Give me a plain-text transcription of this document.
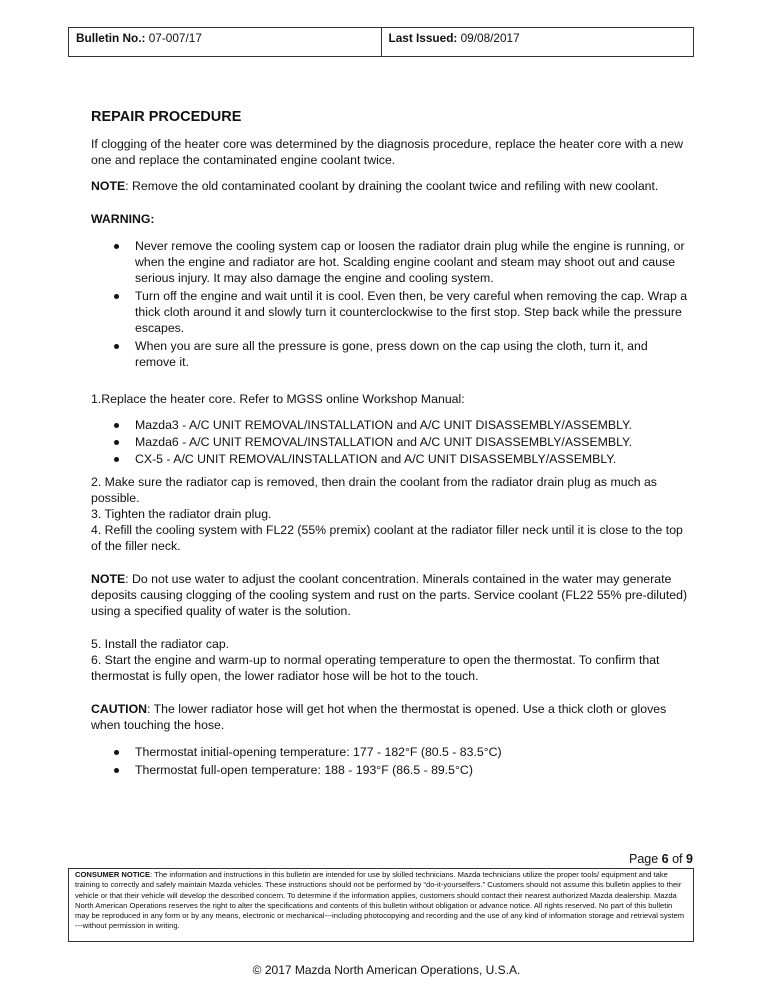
Bulletin No.: 07-007/17	Last Issued: 09/08/2017
REPAIR PROCEDURE

If clogging of the heater core was determined by the diagnosis procedure, replace the heater core with a new one and replace the contaminated engine coolant twice.

NOTE: Remove the old contaminated coolant by draining the coolant twice and refiling with new coolant.

WARNING:

Never remove the cooling system cap or loosen the radiator drain plug while the engine is running, or when the engine and radiator are hot. Scalding engine coolant and steam may shoot out and cause serious injury. It may also damage the engine and cooling system.
Turn off the engine and wait until it is cool. Even then, be very careful when removing the cap. Wrap a thick cloth around it and slowly turn it counterclockwise to the first stop. Step back while the pressure escapes.
When you are sure all the pressure is gone, press down on the cap using the cloth, turn it, and remove it.

1.Replace the heater core. Refer to MGSS online Workshop Manual:

Mazda3 - A/C UNIT REMOVAL/INSTALLATION and A/C UNIT DISASSEMBLY/ASSEMBLY.
Mazda6 - A/C UNIT REMOVAL/INSTALLATION and A/C UNIT DISASSEMBLY/ASSEMBLY.
CX-5 - A/C UNIT REMOVAL/INSTALLATION and A/C UNIT DISASSEMBLY/ASSEMBLY.

2. Make sure the radiator cap is removed, then drain the coolant from the radiator drain plug as much as possible.

3. Tighten the radiator drain plug.

4. Refill the cooling system with FL22 (55% premix) coolant at the radiator filler neck until it is close to the top of the filler neck.

NOTE: Do not use water to adjust the coolant concentration. Minerals contained in the water may generate deposits causing clogging of the cooling system and rust on the parts. Service coolant (FL22 55% pre-diluted) using a specified quality of water is the solution.

5. Install the radiator cap.

6. Start the engine and warm-up to normal operating temperature to open the thermostat. To confirm that thermostat is fully open, the lower radiator hose will be hot to the touch.

CAUTION: The lower radiator hose will get hot when the thermostat is opened. Use a thick cloth or gloves when touching the hose.

Thermostat initial-opening temperature: 177 - 182°F (80.5 - 83.5°C)
Thermostat full-open temperature: 188 - 193°F (86.5 - 89.5°C)
Page 6 of 9
CONSUMER NOTICE: The information and instructions in this bulletin are intended for use by skilled technicians. Mazda technicians utilize the proper tools/ equipment and take training to correctly and safely maintain Mazda vehicles. These instructions should not be performed by “do-it-yourselfers.” Customers should not assume this bulletin applies to their vehicle or that their vehicle will develop the described concern. To determine if the information applies, customers should contact their nearest authorized Mazda dealership. Mazda North American Operations reserves the right to alter the specifications and contents of this bulletin without obligation or advance notice. All rights reserved. No part of this bulletin may be reproduced in any form or by any means, electronic or mechanical---including photocopying and recording and the use of any kind of information storage and retrieval system ---without permission in writing.
© 2017 Mazda North American Operations, U.S.A.
